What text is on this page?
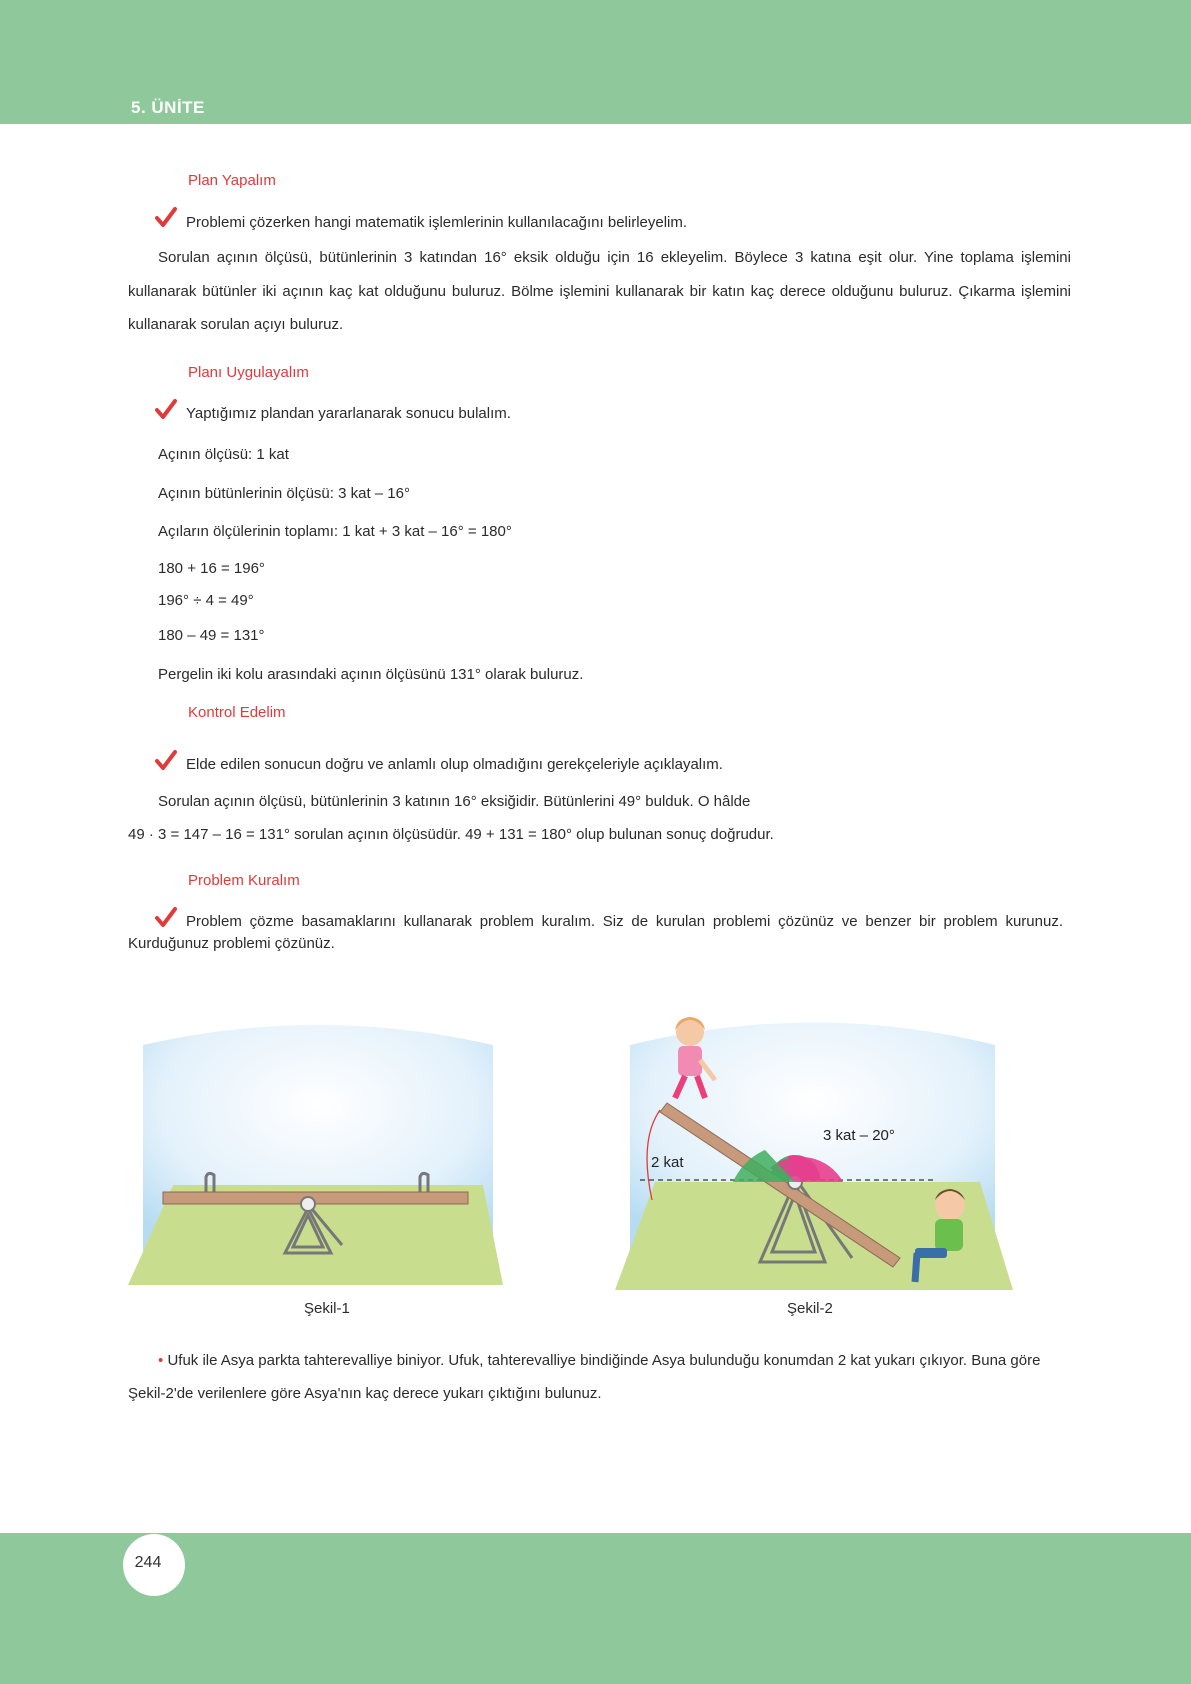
5. ÜNİTE
Plan Yapalım
Problemi çözerken hangi matematik işlemlerinin kullanılacağını belirleyelim.
Sorulan açının ölçüsü, bütünlerinin 3 katından 16° eksik olduğu için 16 ekleyelim. Böylece 3 katına eşit olur. Yine toplama işlemini kullanarak bütünler iki açının kaç kat olduğunu buluruz. Bölme işlemini kullanarak bir katın kaç derece olduğunu buluruz. Çıkarma işlemini kullanarak sorulan açıyı buluruz.
Planı Uygulayalım
Yaptığımız plandan yararlanarak sonucu bulalım.
Açının ölçüsü: 1 kat
Açının bütünlerinin ölçüsü: 3 kat – 16°
Açıların ölçülerinin toplamı: 1 kat + 3 kat – 16° = 180°
180 + 16 = 196°
196° ÷ 4 = 49°
180 – 49 = 131°
Pergelin iki kolu arasındaki açının ölçüsünü 131° olarak buluruz.
Kontrol Edelim
Elde edilen sonucun doğru ve anlamlı olup olmadığını gerekçeleriyle açıklayalım.
Sorulan açının ölçüsü, bütünlerinin 3 katının 16° eksiğidir. Bütünlerini 49° bulduk. O hâlde
49 · 3 = 147 – 16 = 131° sorulan açının ölçüsüdür. 49 + 131 = 180° olup bulunan sonuç doğrudur.
Problem Kuralım
Problem çözme basamaklarını kullanarak problem kuralım. Siz de kurulan problemi çözünüz ve benzer bir problem kurunuz. Kurduğunuz problemi çözünüz.
Şekil-1
2 kat
3 kat – 20°
Şekil-2
• Ufuk ile Asya parkta tahterevalliye biniyor. Ufuk, tahterevalliye bindiğinde Asya bulunduğu konumdan 2 kat yukarı çıkıyor. Buna göre Şekil-2'de verilenlere göre Asya'nın kaç derece yukarı çıktığını bulunuz.
244
